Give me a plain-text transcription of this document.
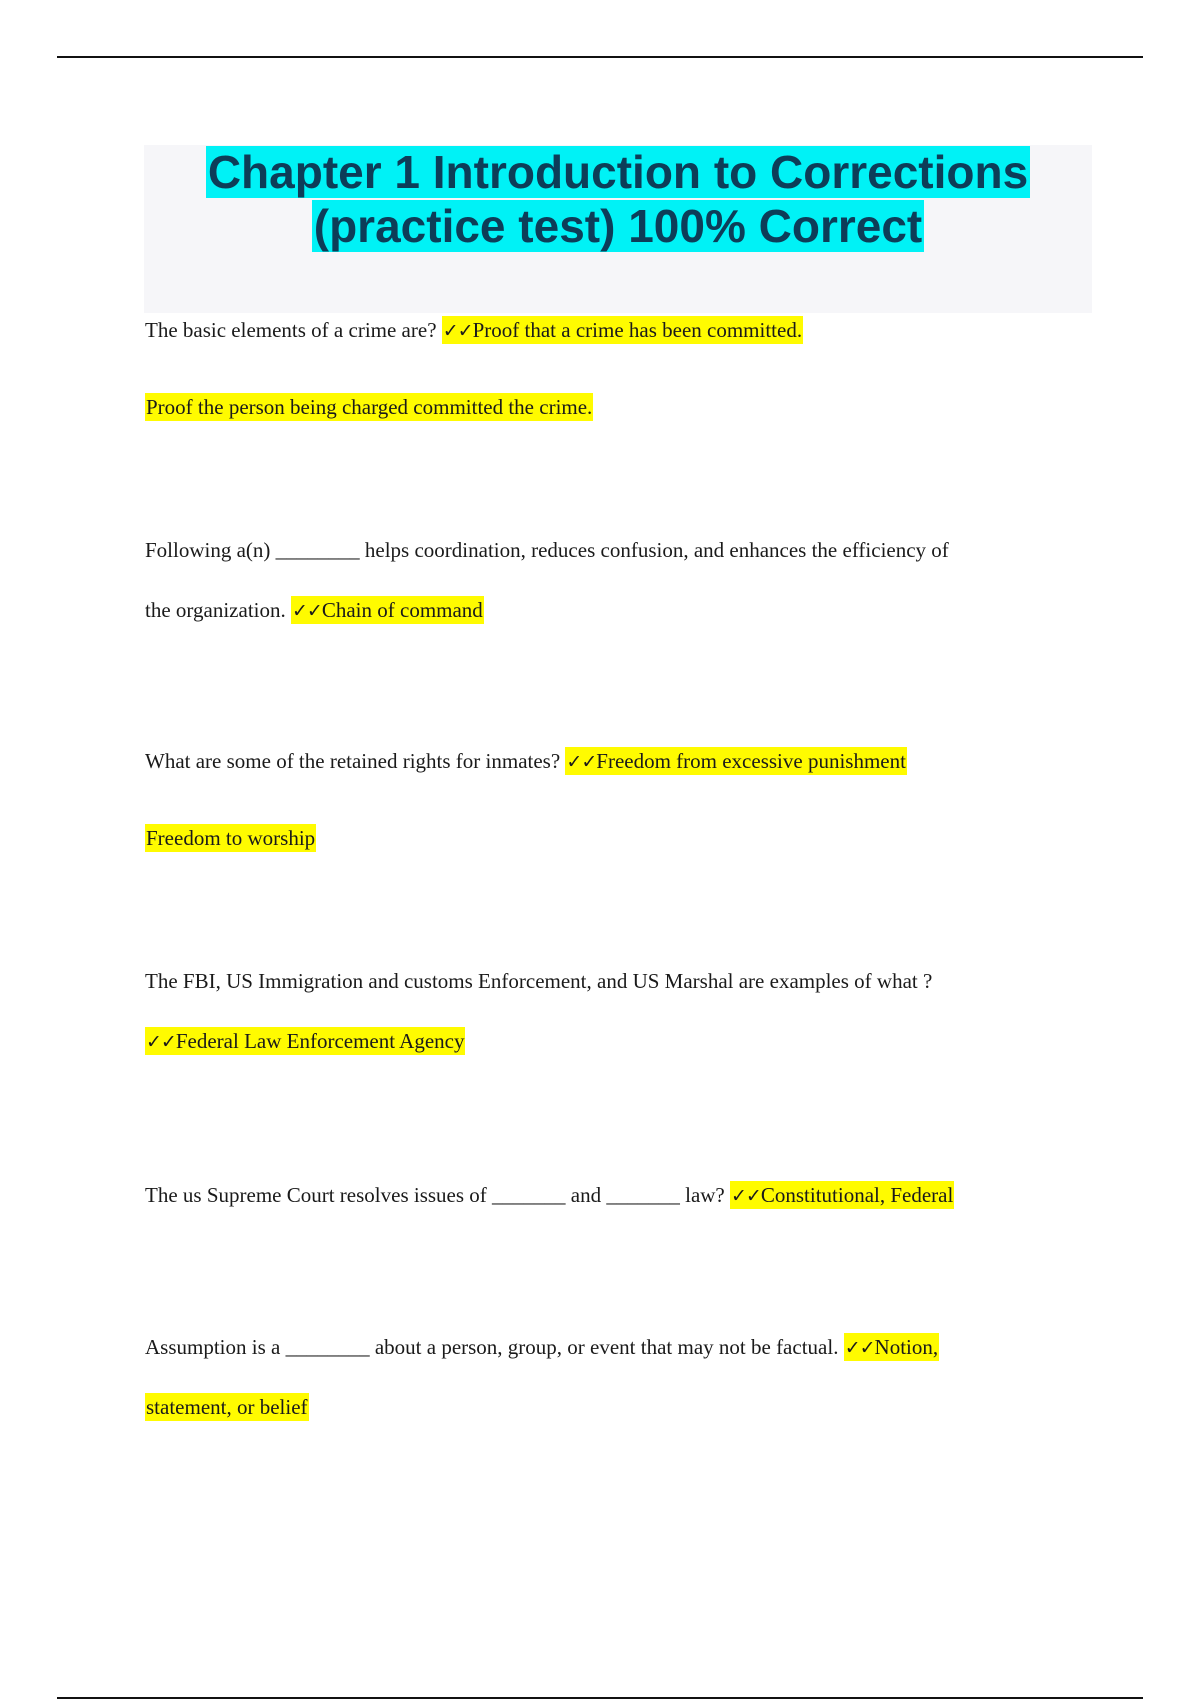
Chapter 1 Introduction to Corrections
(practice test) 100% Correct
The basic elements of a crime are? ✓✓Proof that a crime has been committed.
Proof the person being charged committed the crime.
Following a(n) ________ helps coordination, reduces confusion, and enhances the efficiency of
the organization. ✓✓Chain of command
What are some of the retained rights for inmates? ✓✓Freedom from excessive punishment
Freedom to worship
The FBI, US Immigration and customs Enforcement, and US Marshal are examples of what ?
✓✓Federal Law Enforcement Agency
The us Supreme Court resolves issues of _______ and _______ law? ✓✓Constitutional, Federal
Assumption is a ________ about a person, group, or event that may not be factual. ✓✓Notion,
statement, or belief
